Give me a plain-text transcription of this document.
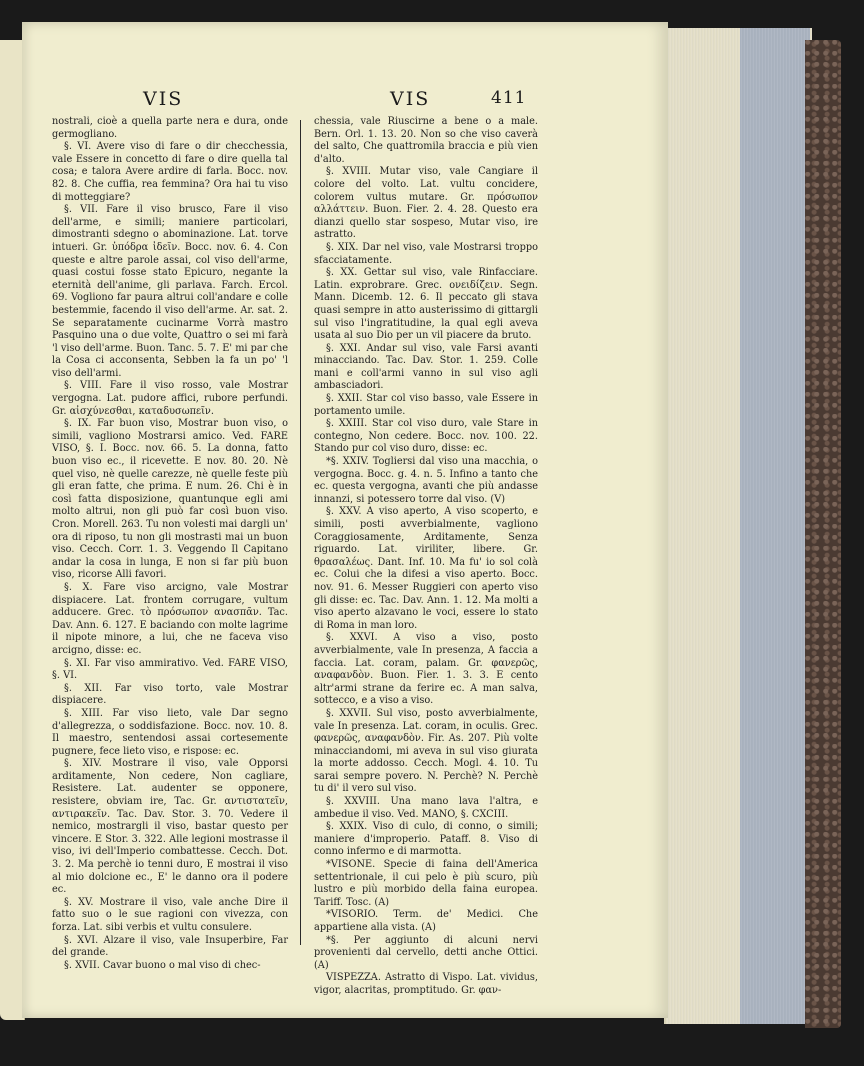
VIS	VIS	411

nostrali, cioè a quella parte nera e dura, onde germogliano.

§. VI. Avere viso di fare o dir checchessia, vale Essere in concetto di fare o dire quella tal cosa; e talora Avere ardire di farla. Bocc. nov. 82. 8. Che cuffia, rea femmina? Ora hai tu viso di motteggiare?

§. VII. Fare il viso brusco, Fare il viso dell'arme, e simili; maniere particolari, dimostranti sdegno o abominazione. Lat. torve intueri. Gr. ὑπόδρα ἰδεῖν. Bocc. nov. 6. 4. Con queste e altre parole assai, col viso dell'arme, quasi costui fosse stato Epicuro, negante la eternità dell'anime, gli parlava. Farch. Ercol. 69. Vogliono far paura altrui coll'andare e colle bestemmie, facendo il viso dell'arme. Ar. sat. 2. Se separatamente cucinarme Vorrà mastro Pasquino una o due volte, Quattro o sei mi farà 'l viso dell'arme. Buon. Tanc. 5. 7. E' mi par che la Cosa ci acconsenta, Sebben la fa un po' 'l viso dell'armi.

§. VIII. Fare il viso rosso, vale Mostrar vergogna. Lat. pudore affici, rubore perfundi. Gr. αἰσχύνεσθαι, καταδυσωπεῖν.

§. IX. Far buon viso, Mostrar buon viso, o simili, vagliono Mostrarsi amico. Ved. FARE VISO, §. I. Bocc. nov. 66. 5. La donna, fatto buon viso ec., il ricevette. E nov. 80. 20. Nè quel viso, nè quelle carezze, nè quelle feste più gli eran fatte, che prima. E num. 26. Chi è in così fatta disposizione, quantunque egli ami molto altrui, non gli può far così buon viso. Cron. Morell. 263. Tu non volesti mai dargli un' ora di riposo, tu non gli mostrasti mai un buon viso. Cecch. Corr. 1. 3. Veggendo Il Capitano andar la cosa in lunga, E non si far più buon viso, ricorse Alli favori.

§. X. Fare viso arcigno, vale Mostrar dispiacere. Lat. frontem corrugare, vultum adducere. Grec. τὸ πρόσωπον ανασπᾶν. Tac. Dav. Ann. 6. 127. E baciando con molte lagrime il nipote minore, a lui, che ne faceva viso arcigno, disse: ec.

§. XI. Far viso ammirativo. Ved. FARE VISO, §. VI.

§. XII. Far viso torto, vale Mostrar dispiacere.

§. XIII. Far viso lieto, vale Dar segno d'allegrezza, o soddisfazione. Bocc. nov. 10. 8. Il maestro, sentendosi assai cortesemente pugnere, fece lieto viso, e rispose: ec.

§. XIV. Mostrare il viso, vale Opporsi arditamente, Non cedere, Non cagliare, Resistere. Lat. audenter se opponere, resistere, obviam ire, Tac. Gr. αντιστατεῖν, αντιρακεῖν. Tac. Dav. Stor. 3. 70. Vedere il nemico, mostrargli il viso, bastar questo per vincere. E Stor. 3. 322. Alle legioni mostrasse il viso, ivi dell'Imperio combattesse. Cecch. Dot. 3. 2. Ma perchè io tenni duro, E mostrai il viso al mio dolcione ec., E' le danno ora il podere ec.

§. XV. Mostrare il viso, vale anche Dire il fatto suo o le sue ragioni con vivezza, con forza. Lat. sibi verbis et vultu consulere.

§. XVI. Alzare il viso, vale Insuperbire, Far del grande.

§. XVII. Cavar buono o mal viso di chec-

chessia, vale Riuscirne a bene o a male. Bern. Orl. 1. 13. 20. Non so che viso caverà del salto, Che quattromila braccia e più vien d'alto.

§. XVIII. Mutar viso, vale Cangiare il colore del volto. Lat. vultu concidere, colorem vultus mutare. Gr. πρόσωπον αλλάττειν. Buon. Fier. 2. 4. 28. Questo era dianzi quello star sospeso, Mutar viso, ire astratto.

§. XIX. Dar nel viso, vale Mostrarsi troppo sfacciatamente.

§. XX. Gettar sul viso, vale Rinfacciare. Latin. exprobrare. Grec. ονειδίζειν. Segn. Mann. Dicemb. 12. 6. Il peccato gli stava quasi sempre in atto austerissimo di gittargli sul viso l'ingratitudine, la qual egli aveva usata al suo Dio per un vil piacere da bruto.

§. XXI. Andar sul viso, vale Farsi avanti minacciando. Tac. Dav. Stor. 1. 259. Colle mani e coll'armi vanno in sul viso agli ambasciadori.

§. XXII. Star col viso basso, vale Essere in portamento umile.

§. XXIII. Star col viso duro, vale Stare in contegno, Non cedere. Bocc. nov. 100. 22. Stando pur col viso duro, disse: ec.

*§. XXIV. Togliersi dal viso una macchia, o vergogna. Bocc. g. 4. n. 5. Infino a tanto che ec. questa vergogna, avanti che più andasse innanzi, si potessero torre dal viso. (V)

§. XXV. A viso aperto, A viso scoperto, e simili, posti avverbialmente, vagliono Coraggiosamente, Arditamente, Senza riguardo. Lat. viriliter, libere. Gr. θρασαλέως. Dant. Inf. 10. Ma fu' io sol colà ec. Colui che la difesi a viso aperto. Bocc. nov. 91. 6. Messer Ruggieri con aperto viso gli disse: ec. Tac. Dav. Ann. 1. 12. Ma molti a viso aperto alzavano le voci, essere lo stato di Roma in man loro.

§. XXVI. A viso a viso, posto avverbialmente, vale In presenza, A faccia a faccia. Lat. coram, palam. Gr. φανερῶς, αναφανδὸν. Buon. Fier. 1. 3. 3. E cento altr'armi strane da ferire ec. A man salva, sottecco, e a viso a viso.

§. XXVII. Sul viso, posto avverbialmente, vale In presenza. Lat. coram, in oculis. Grec. φανερῶς, αναφανδὸν. Fir. As. 207. Più volte minacciandomi, mi aveva in sul viso giurata la morte addosso. Cecch. Mogl. 4. 10. Tu sarai sempre povero. N. Perchè? N. Perchè tu di' il vero sul viso.

§. XXVIII. Una mano lava l'altra, e ambedue il viso. Ved. MANO, §. CXCIII.

§. XXIX. Viso di culo, di conno, o simili; maniere d'improperio. Pataff. 8. Viso di conno infermo e di marmotta.

*VISONE. Specie di faina dell'America settentrionale, il cui pelo è più scuro, più lustro e più morbido della faina europea. Tariff. Tosc. (A)

*VISORIO. Term. de' Medici. Che appartiene alla vista. (A)

*§. Per aggiunto di alcuni nervi provenienti dal cervello, detti anche Ottici. (A)

VISPEZZA. Astratto di Vispo. Lat. vividus, vigor, alacritas, promptitudo. Gr. φαν-
